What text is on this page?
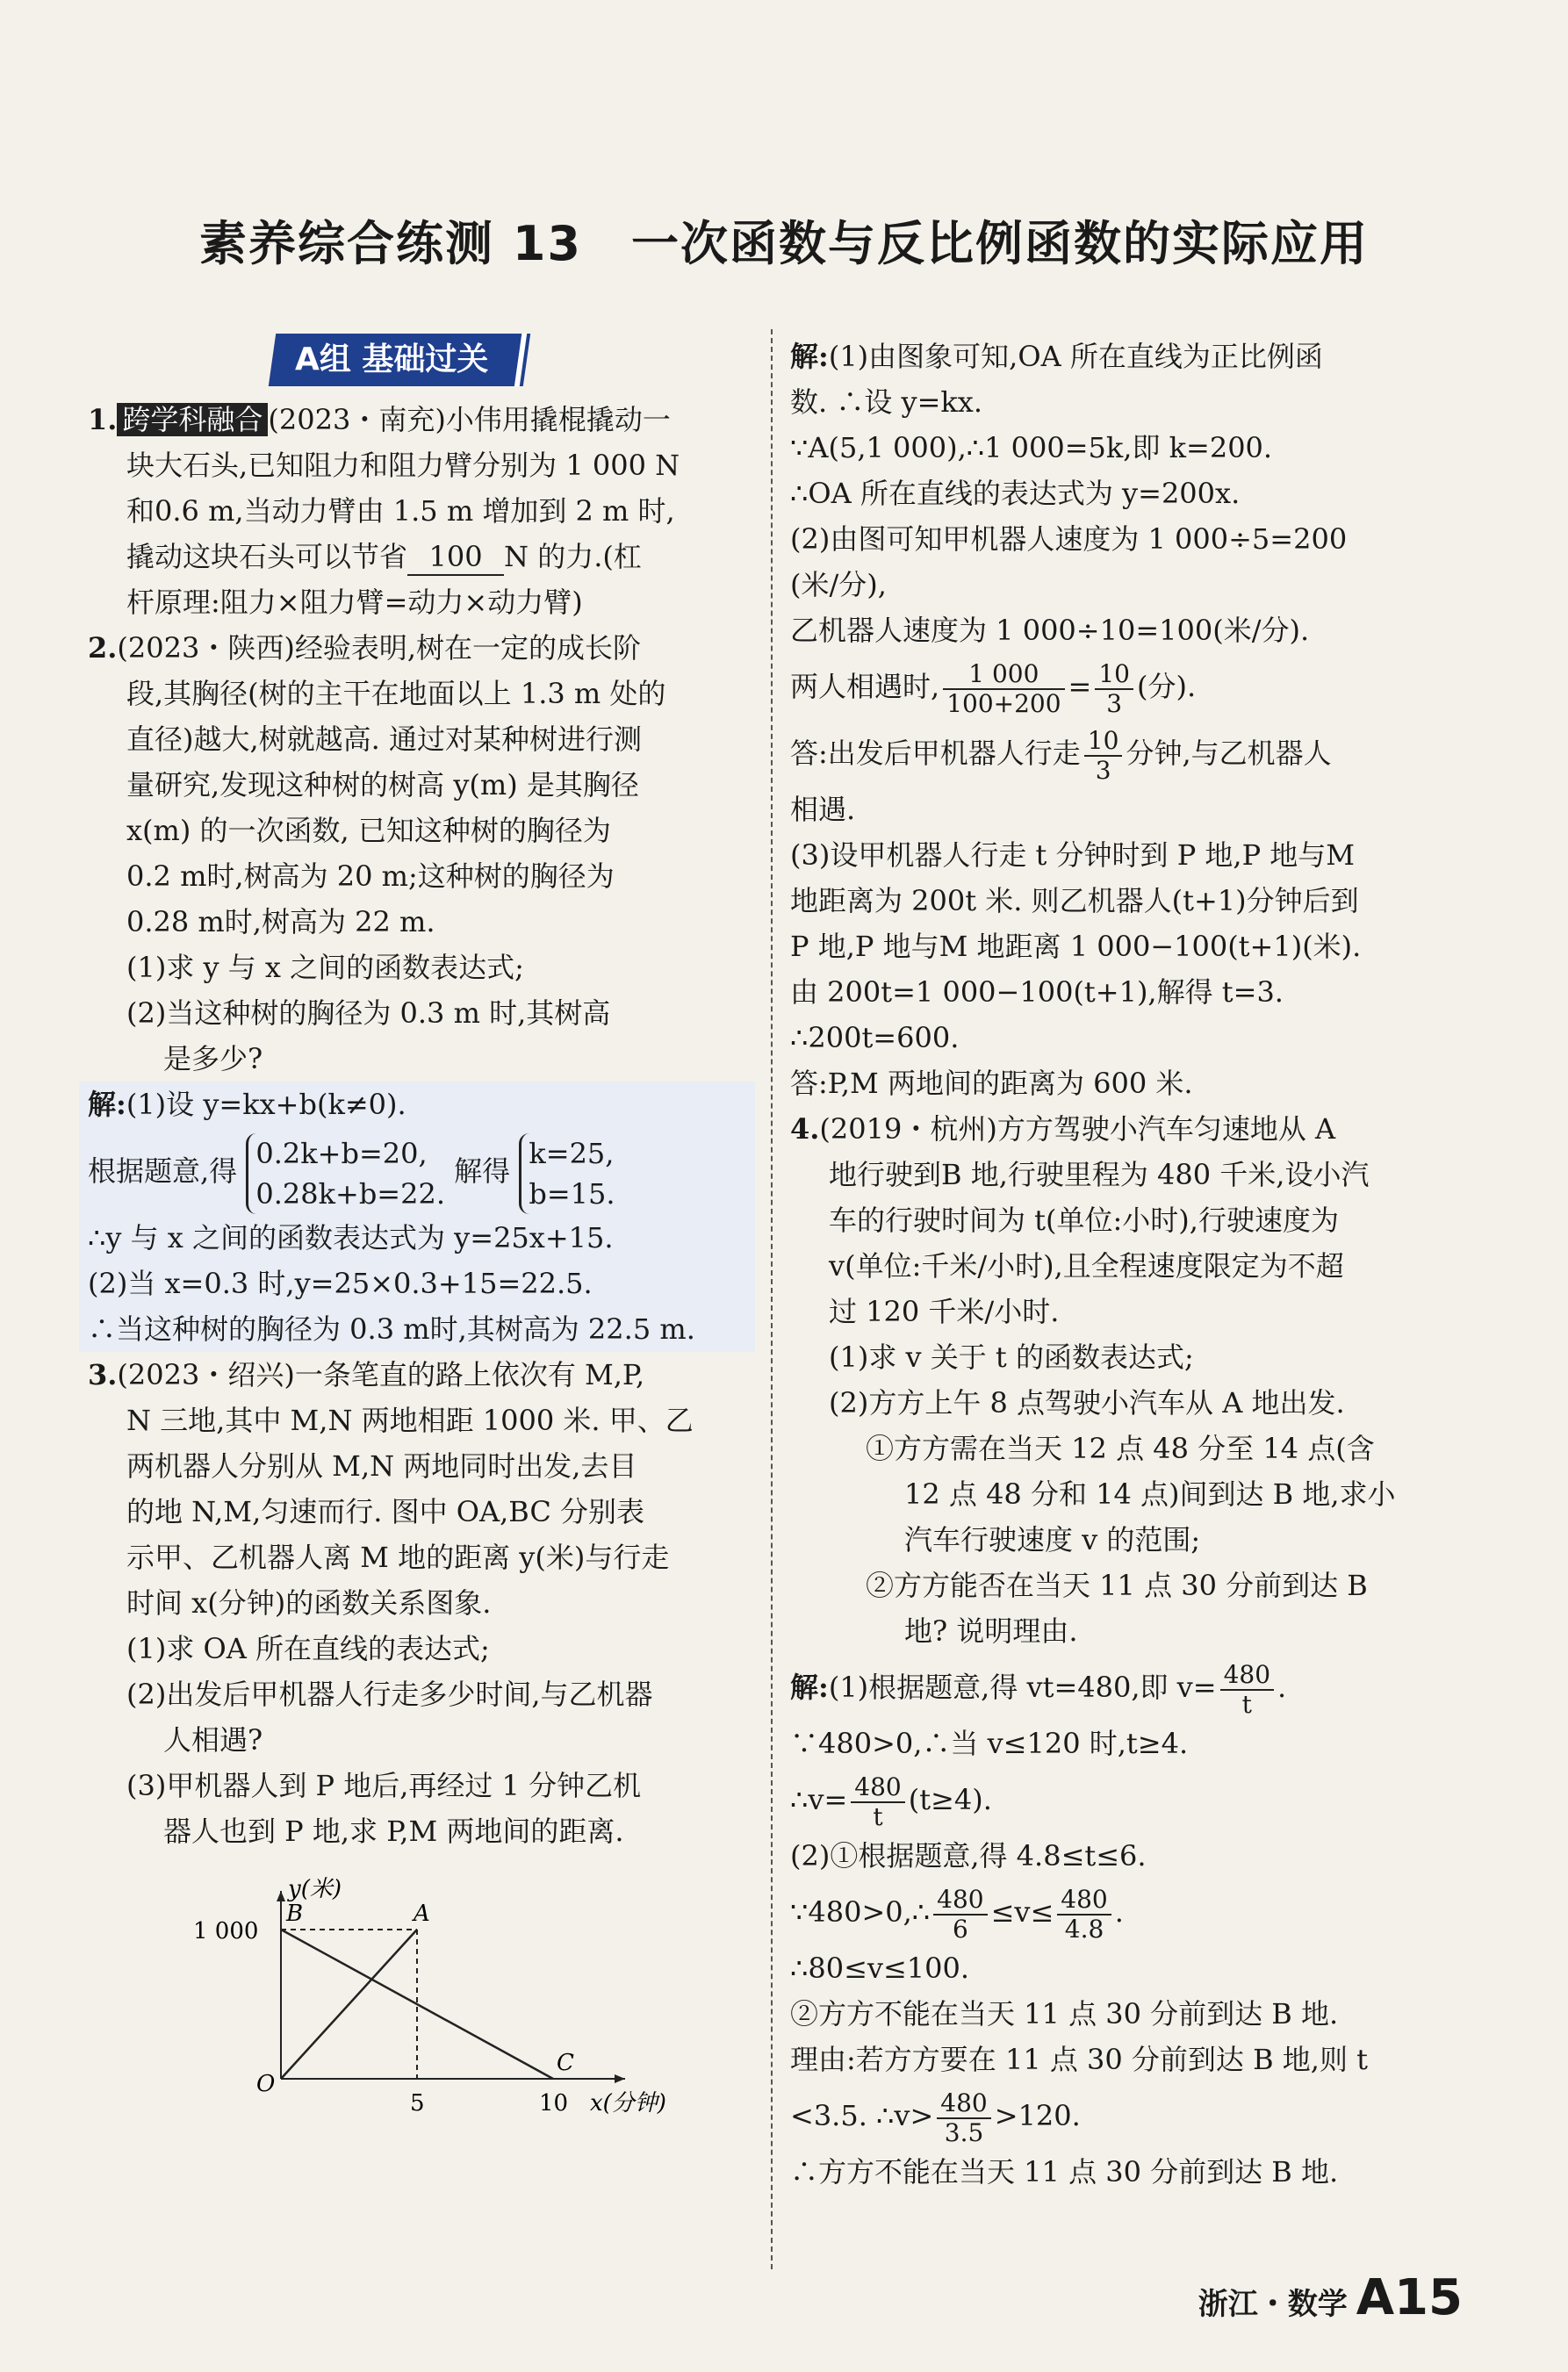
素养综合练测 13　一次函数与反比例函数的实际应用
A组 基础过关

1. 跨学科融合 (2023・南充)小伟用撬棍撬动一

块大石头,已知阻力和阻力臂分别为 1 000 N

和0.6 m,当动力臂由 1.5 m 增加到 2 m 时,

撬动这块石头可以节省 100 N 的力.(杠

杆原理:阻力×阻力臂=动力×动力臂)

2.(2023・陕西)经验表明,树在一定的成长阶

段,其胸径(树的主干在地面以上 1.3 m 处的

直径)越大,树就越高. 通过对某种树进行测

量研究,发现这种树的树高 y(m) 是其胸径

x(m) 的一次函数, 已知这种树的胸径为

0.2 m时,树高为 20 m;这种树的胸径为

0.28 m时,树高为 22 m.

(1)求 y 与 x 之间的函数表达式;

(2)当这种树的胸径为 0.3 m 时,其树高

是多少?

解:(1)设 y=kx+b(k≠0).

根据题意,得
0.2k+b=20,
0.28k+b=22.
解得
k=25,
b=15.

∴y 与 x 之间的函数表达式为 y=25x+15.

(2)当 x=0.3 时,y=25×0.3+15=22.5.

∴当这种树的胸径为 0.3 m时,其树高为 22.5 m.

3.(2023・绍兴)一条笔直的路上依次有 M,P,

N 三地,其中 M,N 两地相距 1000 米. 甲、乙

两机器人分别从 M,N 两地同时出发,去目

的地 N,M,匀速而行. 图中 OA,BC 分别表

示甲、乙机器人离 M 地的距离 y(米)与行走

时间 x(分钟)的函数关系图象.

(1)求 OA 所在直线的表达式;

(2)出发后甲机器人行走多少时间,与乙机器

人相遇?

(3)甲机器人到 P 地后,再经过 1 分钟乙机

器人也到 P 地,求 P,M 两地间的距离.

x(分钟)
y(米)
O
1 000
5	10
A
B
C

解:(1)由图象可知,OA 所在直线为正比例函

数. ∴设 y=kx.

∵A(5,1 000),∴1 000=5k,即 k=200.

∴OA 所在直线的表达式为 y=200x.

(2)由图可知甲机器人速度为 1 000÷5=200

(米/分),

乙机器人速度为 1 000÷10=100(米/分).

两人相遇时, $\frac{1 000}{100+200} = \frac{10}{3}$ (分).

答:出发后甲机器人行走 $\frac{10}{3}$ 分钟,与乙机器人

相遇.

(3)设甲机器人行走 t 分钟时到 P 地,P 地与M

地距离为 200t 米. 则乙机器人(t+1)分钟后到

P 地,P 地与M 地距离 1 000−100(t+1)(米).

由 200t=1 000−100(t+1),解得 t=3.

∴200t=600.

答:P,M 两地间的距离为 600 米.

4.(2019・杭州)方方驾驶小汽车匀速地从 A

地行驶到B 地,行驶里程为 480 千米,设小汽

车的行驶时间为 t(单位:小时),行驶速度为

v(单位:千米/小时),且全程速度限定为不超

过 120 千米/小时.

(1)求 v 关于 t 的函数表达式;

(2)方方上午 8 点驾驶小汽车从 A 地出发.

①方方需在当天 12 点 48 分至 14 点(含

12 点 48 分和 14 点)间到达 B 地,求小

汽车行驶速度 v 的范围;

②方方能否在当天 11 点 30 分前到达 B

地? 说明理由.

解:(1)根据题意,得 vt=480,即 $v= \frac{480}{t}$ .

∵480>0,∴当 v≤120 时,t≥4.

∴v= $\frac{480}{t} (t\ge 4)$.

(2)①根据题意,得 4.8≤t≤6.

∵480>0,∴ $\frac{480}{6} \le v\le \frac{480}{4.8}$ .

∴80≤v≤100.

②方方不能在当天 11 点 30 分前到达 B 地.

理由:若方方要在 11 点 30 分前到达 B 地,则 t

<3.5. ∴v> $\frac{480}{3.5} >120$.

∴方方不能在当天 11 点 30 分前到达 B 地.

浙江・数学 A15
